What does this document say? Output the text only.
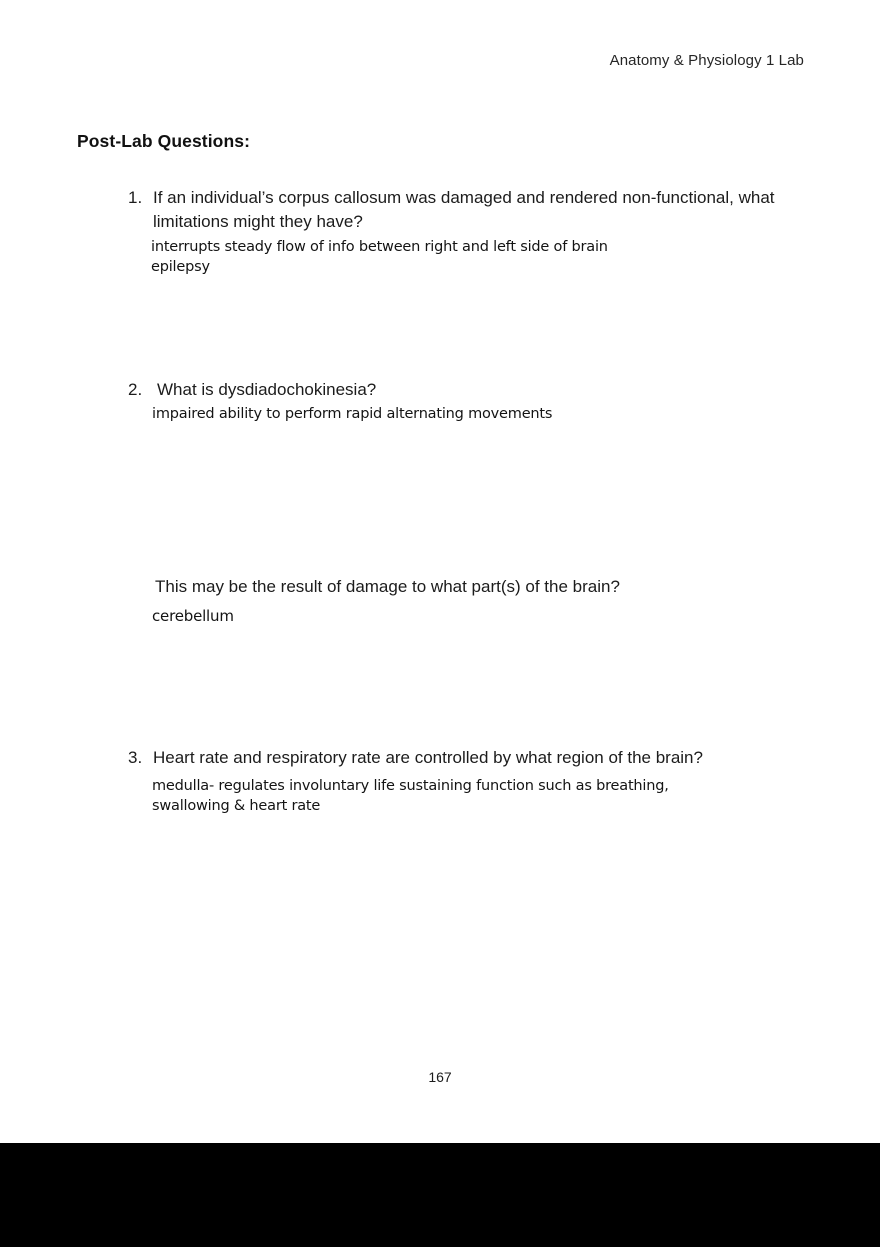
Anatomy & Physiology 1 Lab
Post-Lab Questions:
1. If an individual’s corpus callosum was damaged and rendered non-functional, what limitations might they have?
interrupts steady flow of info between right and left side of brain
epilepsy
2. What is dysdiadochokinesia?
impaired ability to perform rapid alternating movements
This may be the result of damage to what part(s) of the brain?
cerebellum
3. Heart rate and respiratory rate are controlled by what region of the brain?
medulla- regulates involuntary life sustaining function such as breathing,
swallowing & heart rate
167
